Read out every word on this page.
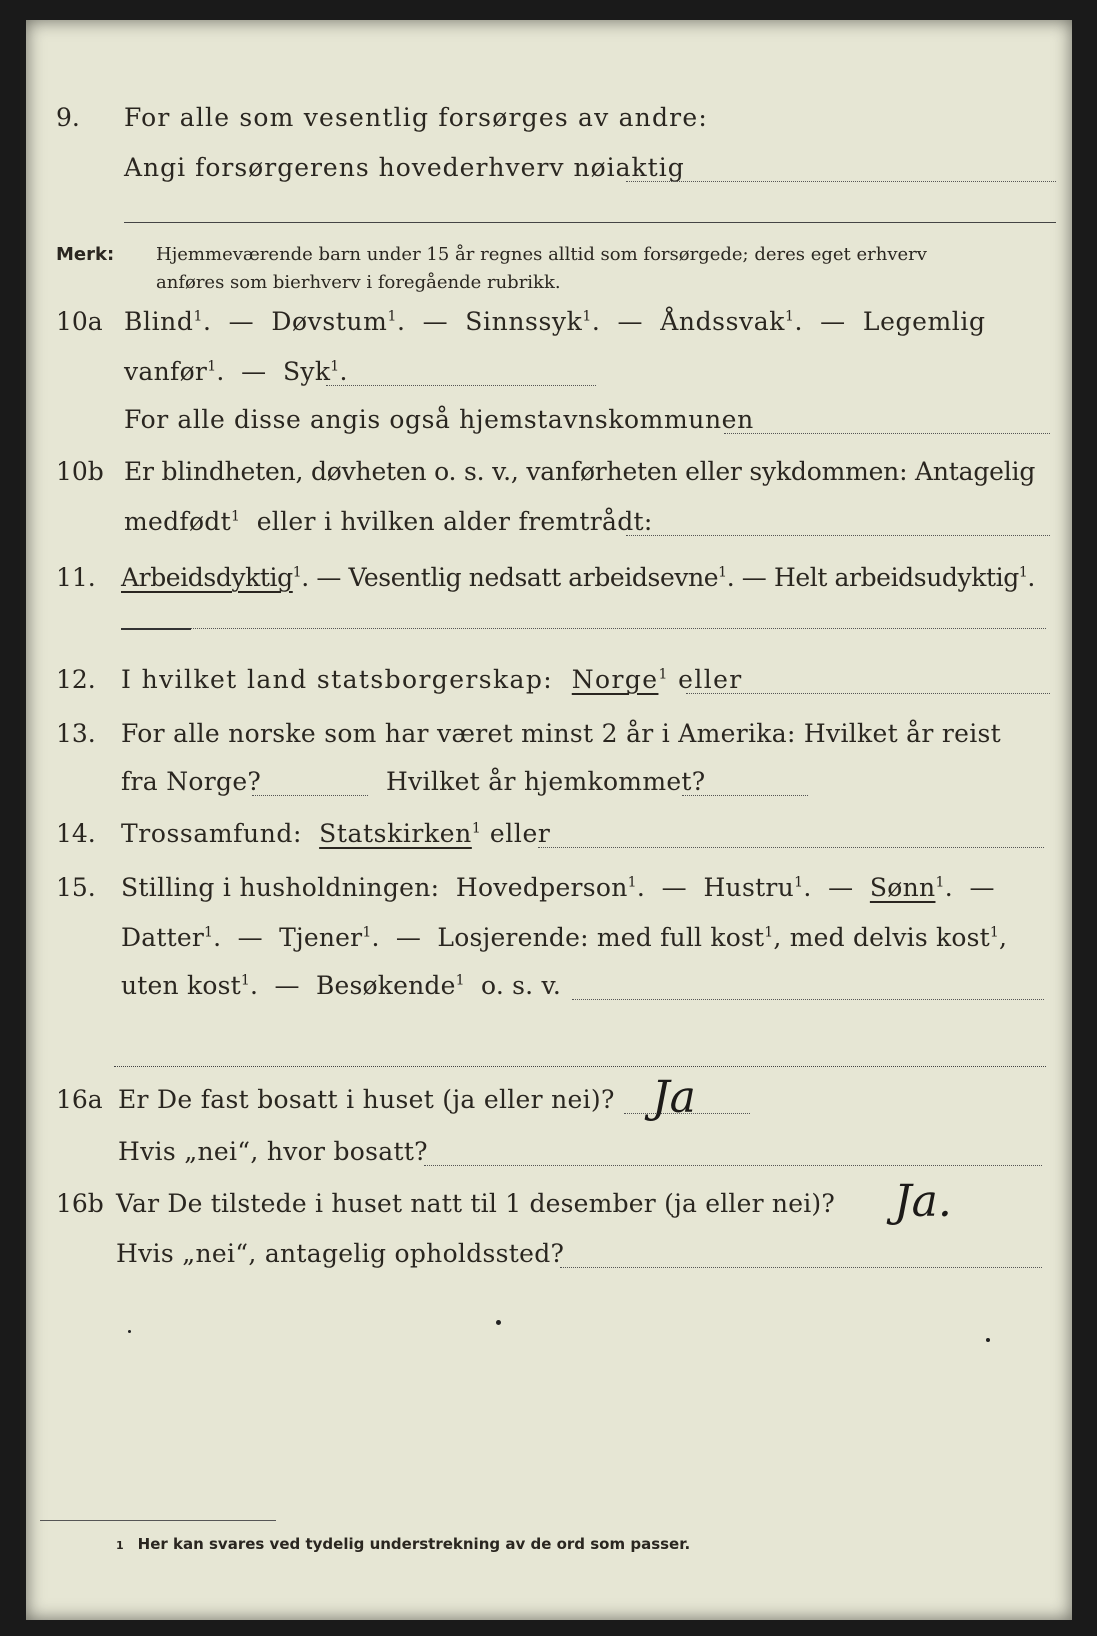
9. For alle som vesentlig forsørges av andre:
Angi forsørgerens hovederhverv nøiaktig
Merk: Hjemmeværende barn under 15 år regnes alltid som forsørgede; deres eget erhverv
anføres som bierhverv i foregående rubrikk.
10a Blind$^1$.  — Døvstum$^1$.  — Sinnssyk$^1$.  — Åndssvak$^1$.  — Legemlig
vanfør$^1$.  — Syk$^1$.
For alle disse angis også hjemstavnskommunen
10b Er blindheten, døvheten o. s. v., vanførheten eller sykdommen: Antagelig
medfødt$^1$ eller i hvilken alder fremtrådt:
11. Arbeidsdyktig$^1$. — Vesentlig nedsatt arbeidsevne$^1$. — Helt arbeidsudyktig$^1$.
12. I hvilket land statsborgerskap: Norge$^1$ eller
13. For alle norske som har været minst 2 år i Amerika: Hvilket år reist
fra Norge?	Hvilket år hjemkommet?
14. Trossamfund: Statskirken$^1$ eller
15. Stilling i husholdningen: Hovedperson$^1$.  — Hustru$^1$.  — Sønn$^1$.  —
Datter$^1$.  — Tjener$^1$.  — Losjerende: med full kost$^1$, med delvis kost$^1$,
uten kost$^1$.  — Besøkende$^1$ o. s. v.
16a Er De fast bosatt i huset (ja eller nei)? Ja
Hvis „nei“, hvor bosatt?
16b Var De tilstede i huset natt til 1 desember (ja eller nei)? Ja.
Hvis „nei“, antagelig opholdssted?
1 Her kan svares ved tydelig understrekning av de ord som passer.
